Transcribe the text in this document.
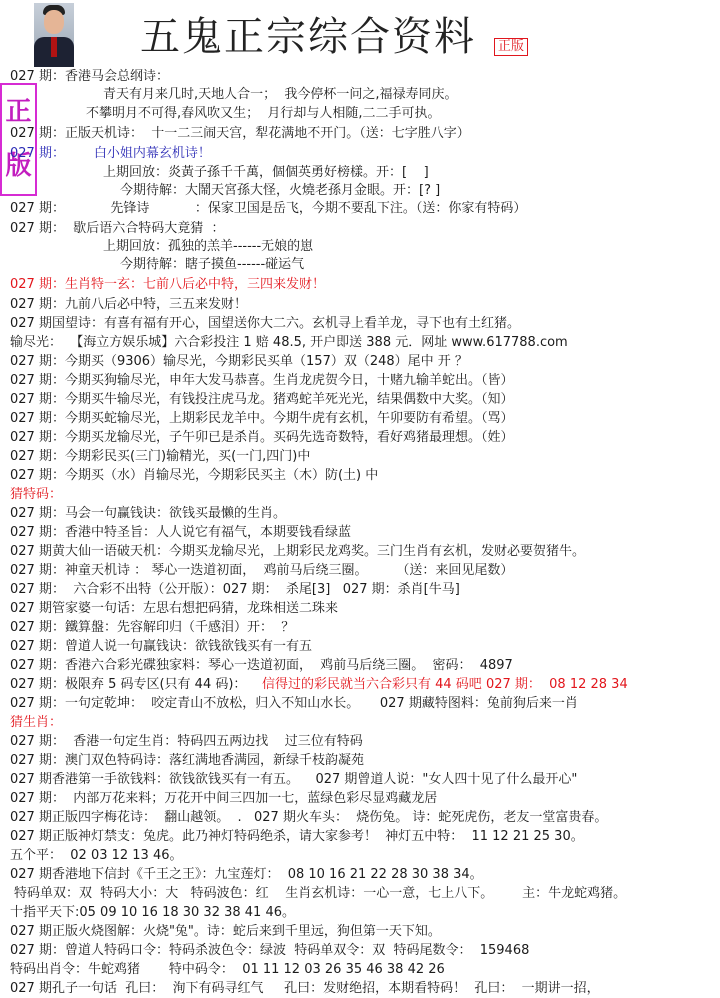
五鬼正宗综合资料	正版
正
版
027 期：香港马会总纲诗：
青天有月来几时,天地人合一；  我今停杯一问之,福禄寿同庆。
不攀明月不可得,春风吹又生；  月行却与人相随,二二手可执。
027 期：正版天机诗：  十一二三闹天宫，犁花满地不开门。（送：七字胜八字）
027 期：       白小姐内幕玄机诗！
上期回放：炎黃子孫千千萬，個個英勇好榜樣。开：[    ]
今期待解：大鬧天宮孫大怪，火燒老孫月金眼。开：[? ]
027 期：           先锋诗           ：保家卫国是岳飞，今期不要乱下注。（送：你家有特码）
027 期：  歇后语六合特码大竟猜  ：
上期回放：孤独的羔羊------无娘的崽
今期待解：瞎子摸鱼------碰运气
027 期：生肖特一玄：七前八后必中特，三四来发财！
027 期：九前八后必中特，三五来发财！
027 期国望诗：有喜有福有开心，国望送你大二六。玄机寻上看羊龙，寻下也有土红猪。
输尽光：  【海立方娱乐城】六合彩投注 1 赔 48.5, 开户即送 388 元．网址 www.617788.com
027 期：今期买（9306）输尽光，今期彩民买单（157）双（248）尾中 开 ？
027 期：今期买狗输尽光，申年大发马恭喜。生肖龙虎贺今日，十赌九输羊蛇出。（皆）
027 期：今期买牛输尽光，有钱投注虎马龙。猪鸡蛇羊死光光，结果偶数中大奖。（知）
027 期：今期买蛇输尽光，上期彩民龙羊中。今期牛虎有玄机，午卯要防有希望。（骂）
027 期：今期买龙输尽光，子午卯已是杀肖。买码先选奇数特，看好鸡猪最理想。（姓）
027 期：今期彩民买(三门)输精光，买(一门,四门)中
027 期：今期买（水）肖输尽光，今期彩民买主（木）防(土) 中
猜特码：
027 期：马会一句赢钱诀：欲钱买最懒的生肖。
027 期：香港中特圣旨：人人说它有福气，本期要钱看绿蓝
027 期黄大仙一语破天机：今期买龙输尽光，上期彩民龙鸡奖。三门生肖有玄机，发财必要贺猪牛。
027 期：神童天机诗 ： 琴心一迭道初面，  鸡前马后绕三圈。       （送：来回见尾数）
027 期：  六合彩不出特（公开版）：027 期：  杀尾[3]   027 期：杀肖[牛马]
027 期管家婆一句话：左思右想把码猜，龙珠相送二珠来
027 期：鐵算盤：先容解印归（千感泪）开：  ？
027 期：曾道人说一句赢钱诀：欲钱欲钱买有一有五
027 期：香港六合彩光碟独家料：琴心一迭道初面，  鸡前马后绕三圈。  密码：  4897
027 期：极限弃 5 码专区(只有 44 码)： 信得过的彩民就当六合彩只有 44 码吧 027 期：  08 12 28 34
027 期：一句定乾坤：  咬定青山不放松，归入不知山水长。     027 期藏特图料：兔前狗后来一肖
猜生肖：
027 期：  香港一句定生肖：特码四五两边找    过三位有特码
027 期：澳门双色特码诗：落红满地香满园，新绿千枝韵凝苑
027 期香港第一手欲钱料：欲钱欲钱买有一有五。    027 期曾道人说："女人四十见了什么最开心"
027 期：  内部万花来料；万花开中间三四加一七，蓝绿色彩尽显鸡藏龙居
027 期正版四字梅花诗：  翻山越领。  .   027 期火车头：  烧伤兔。 诗：蛇死虎伤，老友一堂富贵春。
027 期正版神灯禁支：兔虎。此乃神灯特码绝杀，请大家参考！  神灯五中特：  11 12 21 25 30。
五个平：  02 03 12 13 46。
027 期香港地下信封《千王之王》：九宝莲灯：  08 10 16 21 22 28 30 38 34。
特码单双：双  特码大小：大   特码波色：红    生肖玄机诗：一心一意，七上八下。       主：牛龙蛇鸡猪。
十指平天下:05 09 10 16 18 30 32 38 41 46。
027 期正版火烧图解：火烧"兔"。诗：蛇后来到千里远，狗但第一天下知。
027 期：曾道人特码口令：特码杀波色令：绿波  特码单双令：双  特码尾数令：  159468
特码出肖令：牛蛇鸡猪       特中码令：  01 11 12 03 26 35 46 38 42 26
027 期孔子一句话  孔曰：  洵下有码寻红气     孔曰：发财绝招，本期看特码！  孔曰：  一期讲一招，
